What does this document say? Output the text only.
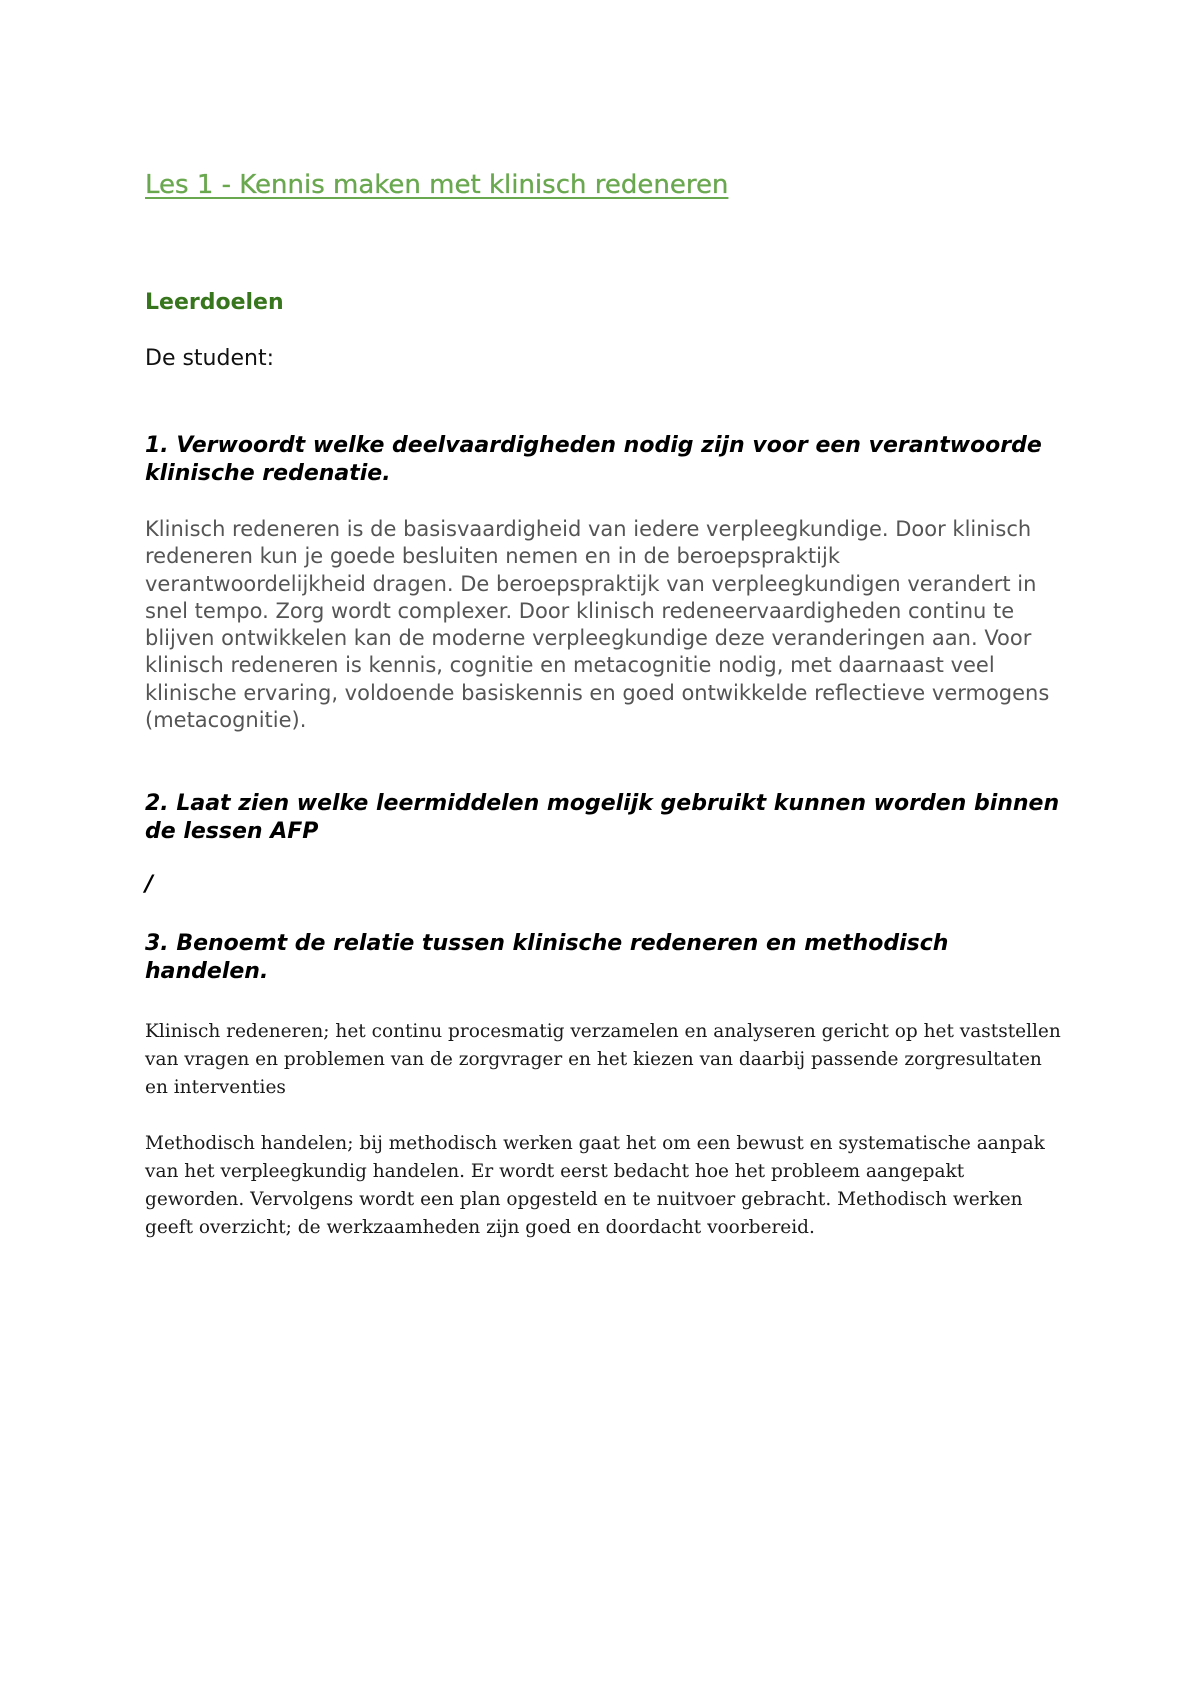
Les 1 - Kennis maken met klinisch redeneren
Leerdoelen

De student:

1. Verwoordt welke deelvaardigheden nodig zijn voor een verantwoorde klinische redenatie.

Klinisch redeneren is de basisvaardigheid van iedere verpleegkundige. Door klinisch redeneren kun je goede besluiten nemen en in de beroepspraktijk verantwoordelijkheid dragen. De beroepspraktijk van verpleegkundigen verandert in snel tempo. Zorg wordt complexer. Door klinisch redeneervaardigheden continu te blijven ontwikkelen kan de moderne verpleegkundige deze veranderingen aan. Voor klinisch redeneren is kennis, cognitie en metacognitie nodig, met daarnaast veel klinische ervaring, voldoende basiskennis en goed ontwikkelde reflectieve vermogens (metacognitie).

2. Laat zien welke leermiddelen mogelijk gebruikt kunnen worden binnen de lessen AFP

/

3. Benoemt de relatie tussen klinische redeneren en methodisch handelen.

Klinisch redeneren; het continu procesmatig verzamelen en analyseren gericht op het vaststellen van vragen en problemen van de zorgvrager en het kiezen van daarbij passende zorgresultaten en interventies

Methodisch handelen; bij methodisch werken gaat het om een bewust en systematische aanpak van het verpleegkundig handelen. Er wordt eerst bedacht hoe het probleem aangepakt geworden. Vervolgens wordt een plan opgesteld en te nuitvoer gebracht. Methodisch werken geeft overzicht; de werkzaamheden zijn goed en doordacht voorbereid.
